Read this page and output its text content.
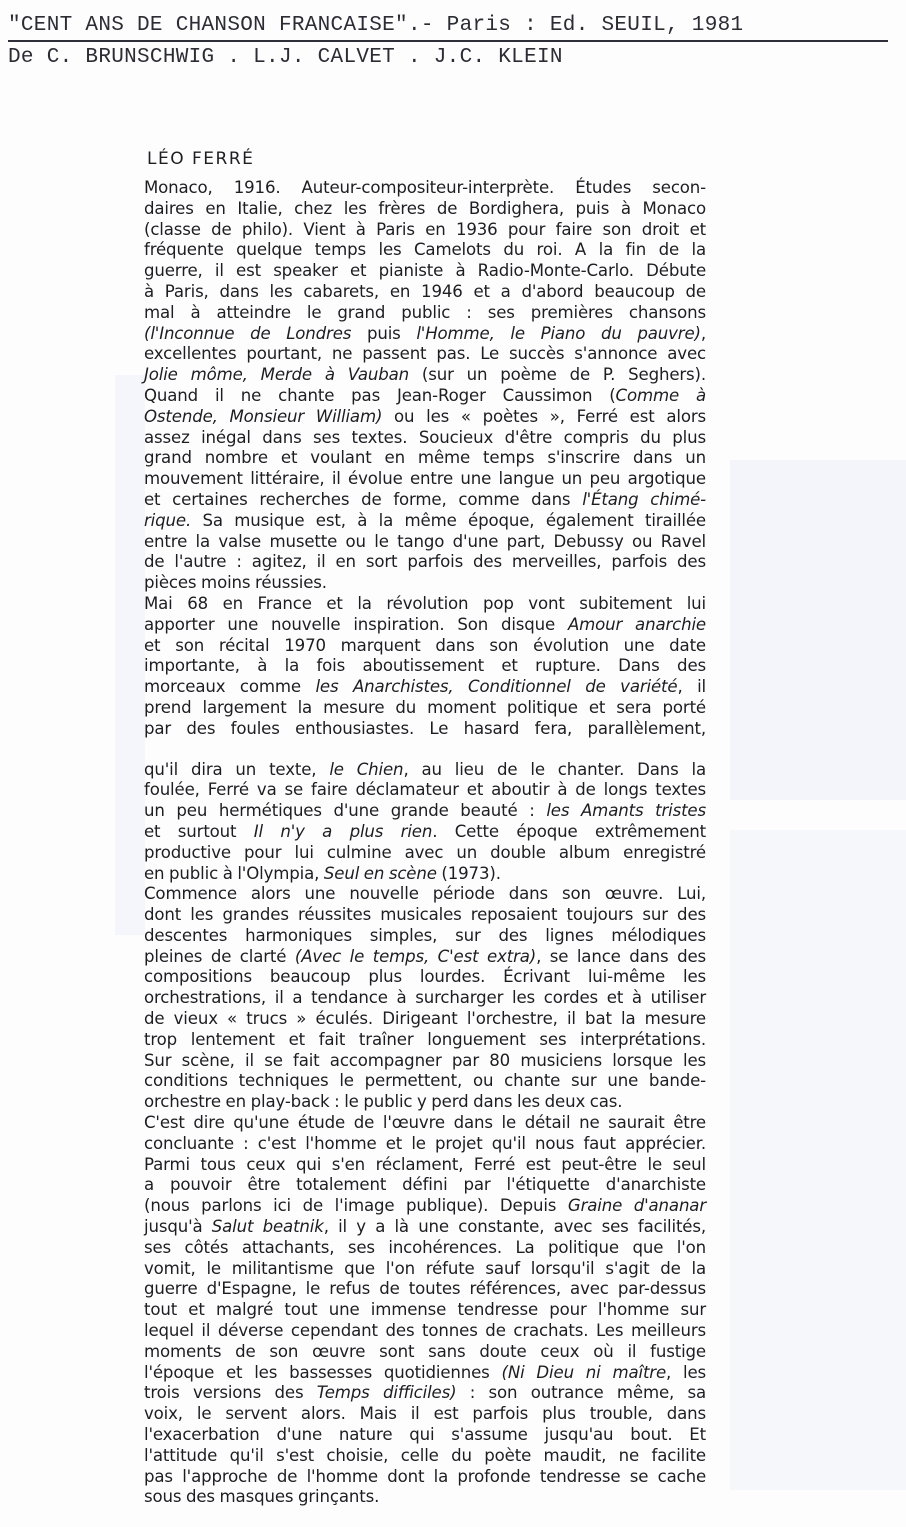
"CENT ANS DE CHANSON FRANCAISE".- Paris : Ed. SEUIL, 1981
De C. BRUNSCHWIG . L.J. CALVET . J.C. KLEIN
LÉO FERRÉ
Monaco, 1916. Auteur-compositeur-interprète. Études secon-
daires en Italie, chez les frères de Bordighera, puis à Monaco
(classe de philo). Vient à Paris en 1936 pour faire son droit et
fréquente quelque temps les Camelots du roi. A la fin de la
guerre, il est speaker et pianiste à Radio-Monte-Carlo. Débute
à Paris, dans les cabarets, en 1946 et a d'abord beaucoup de
mal à atteindre le grand public : ses premières chansons
(l'Inconnue de Londres puis l'Homme, le Piano du pauvre),
excellentes pourtant, ne passent pas. Le succès s'annonce avec
Jolie môme, Merde à Vauban (sur un poème de P. Seghers).
Quand il ne chante pas Jean-Roger Caussimon (Comme à
Ostende, Monsieur William) ou les « poètes », Ferré est alors
assez inégal dans ses textes. Soucieux d'être compris du plus
grand nombre et voulant en même temps s'inscrire dans un
mouvement littéraire, il évolue entre une langue un peu argotique
et certaines recherches de forme, comme dans l'Étang chimé-
rique. Sa musique est, à la même époque, également tiraillée
entre la valse musette ou le tango d'une part, Debussy ou Ravel
de l'autre : agitez, il en sort parfois des merveilles, parfois des
pièces moins réussies.
Mai 68 en France et la révolution pop vont subitement lui
apporter une nouvelle inspiration. Son disque Amour anarchie
et son récital 1970 marquent dans son évolution une date
importante, à la fois aboutissement et rupture. Dans des
morceaux comme les Anarchistes, Conditionnel de variété, il
prend largement la mesure du moment politique et sera porté
par des foules enthousiastes. Le hasard fera, parallèlement,
qu'il dira un texte, le Chien, au lieu de le chanter. Dans la
foulée, Ferré va se faire déclamateur et aboutir à de longs textes
un peu hermétiques d'une grande beauté : les Amants tristes
et surtout Il n'y a plus rien. Cette époque extrêmement
productive pour lui culmine avec un double album enregistré
en public à l'Olympia, Seul en scène (1973).
Commence alors une nouvelle période dans son œuvre. Lui,
dont les grandes réussites musicales reposaient toujours sur des
descentes harmoniques simples, sur des lignes mélodiques
pleines de clarté (Avec le temps, C'est extra), se lance dans des
compositions beaucoup plus lourdes. Écrivant lui-même les
orchestrations, il a tendance à surcharger les cordes et à utiliser
de vieux « trucs » éculés. Dirigeant l'orchestre, il bat la mesure
trop lentement et fait traîner longuement ses interprétations.
Sur scène, il se fait accompagner par 80 musiciens lorsque les
conditions techniques le permettent, ou chante sur une bande-
orchestre en play-back : le public y perd dans les deux cas.
C'est dire qu'une étude de l'œuvre dans le détail ne saurait être
concluante : c'est l'homme et le projet qu'il nous faut apprécier.
Parmi tous ceux qui s'en réclament, Ferré est peut-être le seul
a pouvoir être totalement défini par l'étiquette d'anarchiste
(nous parlons ici de l'image publique). Depuis Graine d'ananar
jusqu'à Salut beatnik, il y a là une constante, avec ses facilités,
ses côtés attachants, ses incohérences. La politique que l'on
vomit, le militantisme que l'on réfute sauf lorsqu'il s'agit de la
guerre d'Espagne, le refus de toutes références, avec par-dessus
tout et malgré tout une immense tendresse pour l'homme sur
lequel il déverse cependant des tonnes de crachats. Les meilleurs
moments de son œuvre sont sans doute ceux où il fustige
l'époque et les bassesses quotidiennes (Ni Dieu ni maître, les
trois versions des Temps difficiles) : son outrance même, sa
voix, le servent alors. Mais il est parfois plus trouble, dans
l'exacerbation d'une nature qui s'assume jusqu'au bout. Et
l'attitude qu'il s'est choisie, celle du poète maudit, ne facilite
pas l'approche de l'homme dont la profonde tendresse se cache
sous des masques grinçants.
